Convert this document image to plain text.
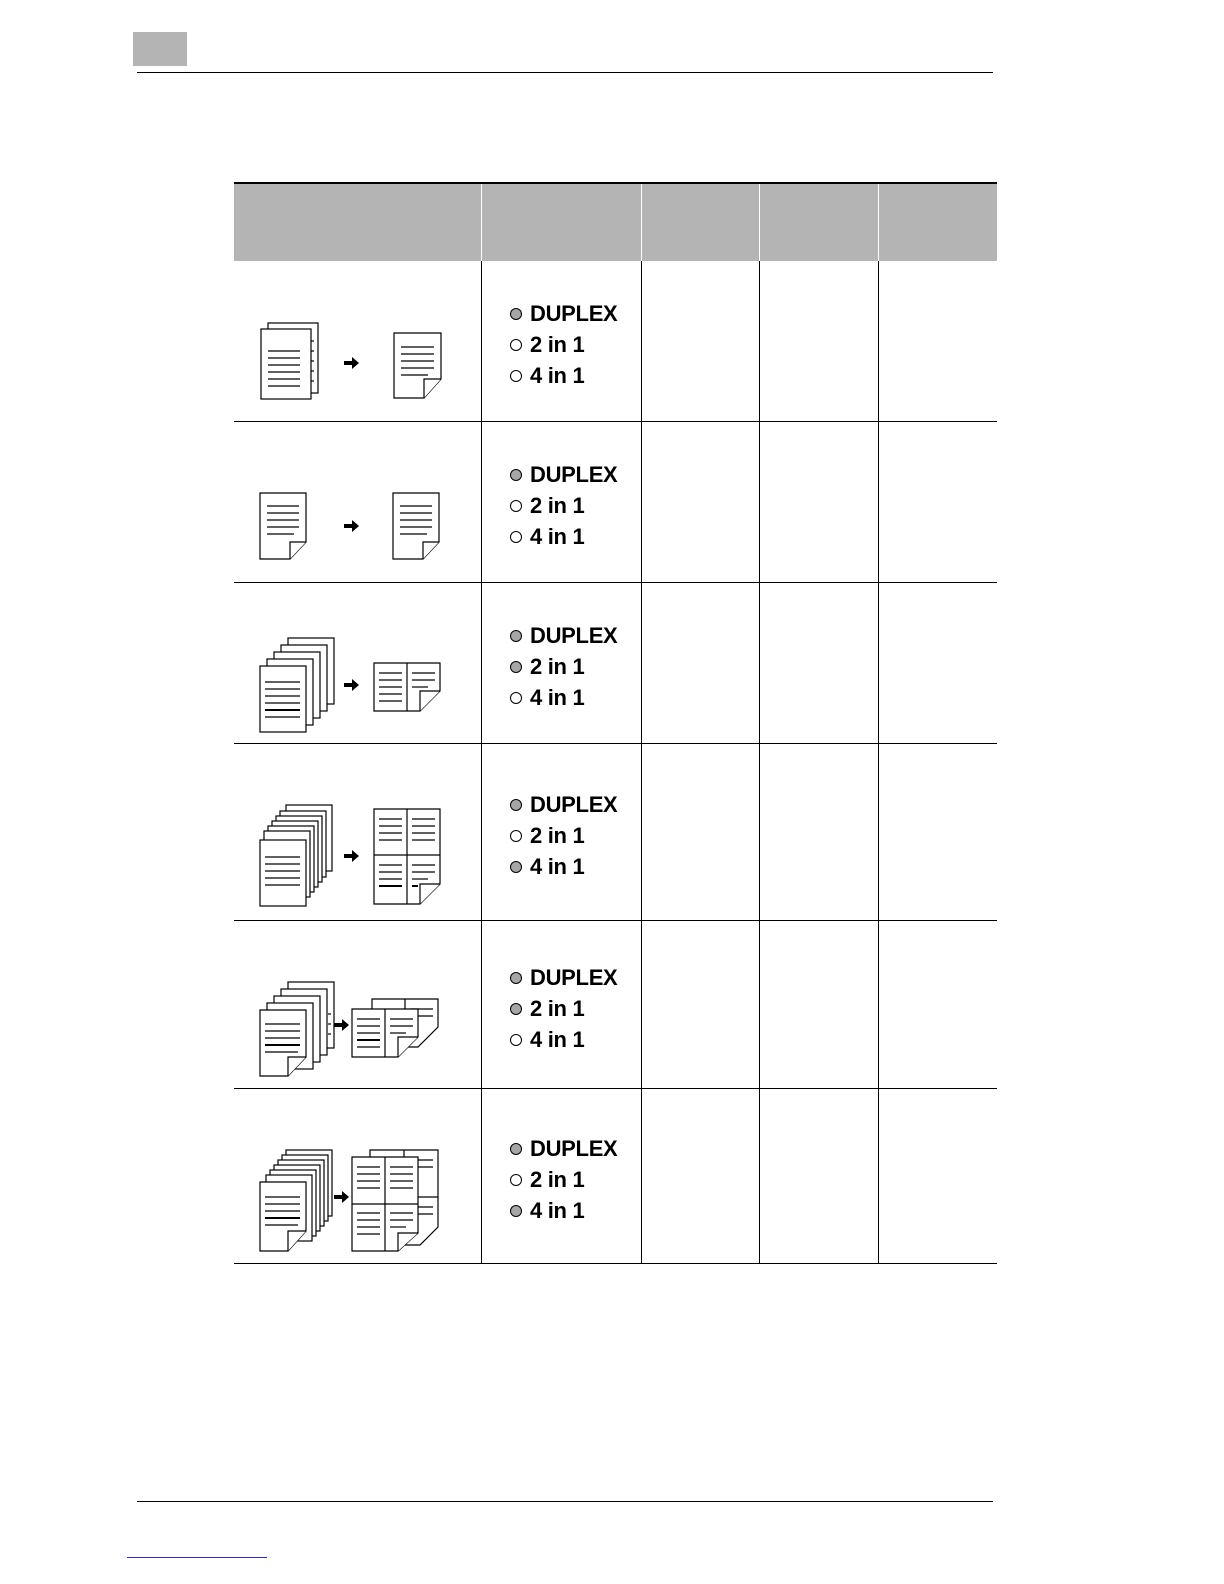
DUPLEX
2 in 1
4 in 1
DUPLEX
2 in 1
4 in 1
DUPLEX
2 in 1
4 in 1
DUPLEX
2 in 1
4 in 1
DUPLEX
2 in 1
4 in 1
DUPLEX
2 in 1
4 in 1
